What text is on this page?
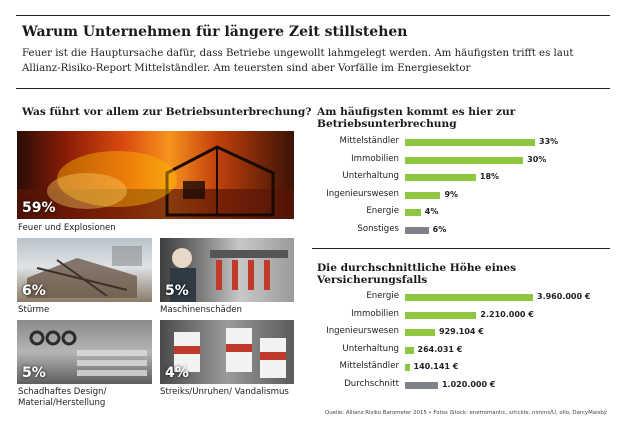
Warum Unternehmen für längere Zeit stillstehen
Feuer ist die Hauptursache dafür, dass Betriebe ungewollt lahmgelegt werden. Am häufigsten trifft es laut Allianz-Risiko-Report Mittelständler. Am teuersten sind aber Vorfälle im Energiesektor
Was führt vor allem zur Betriebsunterbrechung?
59%
Feuer und Explosionen
6%
Stürme
5%
Maschinenschäden
5%
Schadhaftes Design/ Material/Herstellung
4%
Streiks/Unruhen/ Vandalismus
Am häufigsten kommt es hier zur Betriebsunterbrechung
Mittelständler	33%
Immobilien	30%
Unterhaltung	18%
Ingenieurswesen	9%
Energie	4%
Sonstiges	6%
Die durchschnittliche Höhe eines Versicherungsfalls
Energie	3.960.000 €
Immobilien	2.210.000 €
Ingenieurswesen	929.104 €
Unterhaltung 264.031 €
Mittelständler 140.141 €
Durchschnitt	1.020.000 €
Quelle: Allianz Risiko Barometer 2015 • Fotos iStock: enetromantic, srtickle, nimms/U, ollo, DarcyMaisby
